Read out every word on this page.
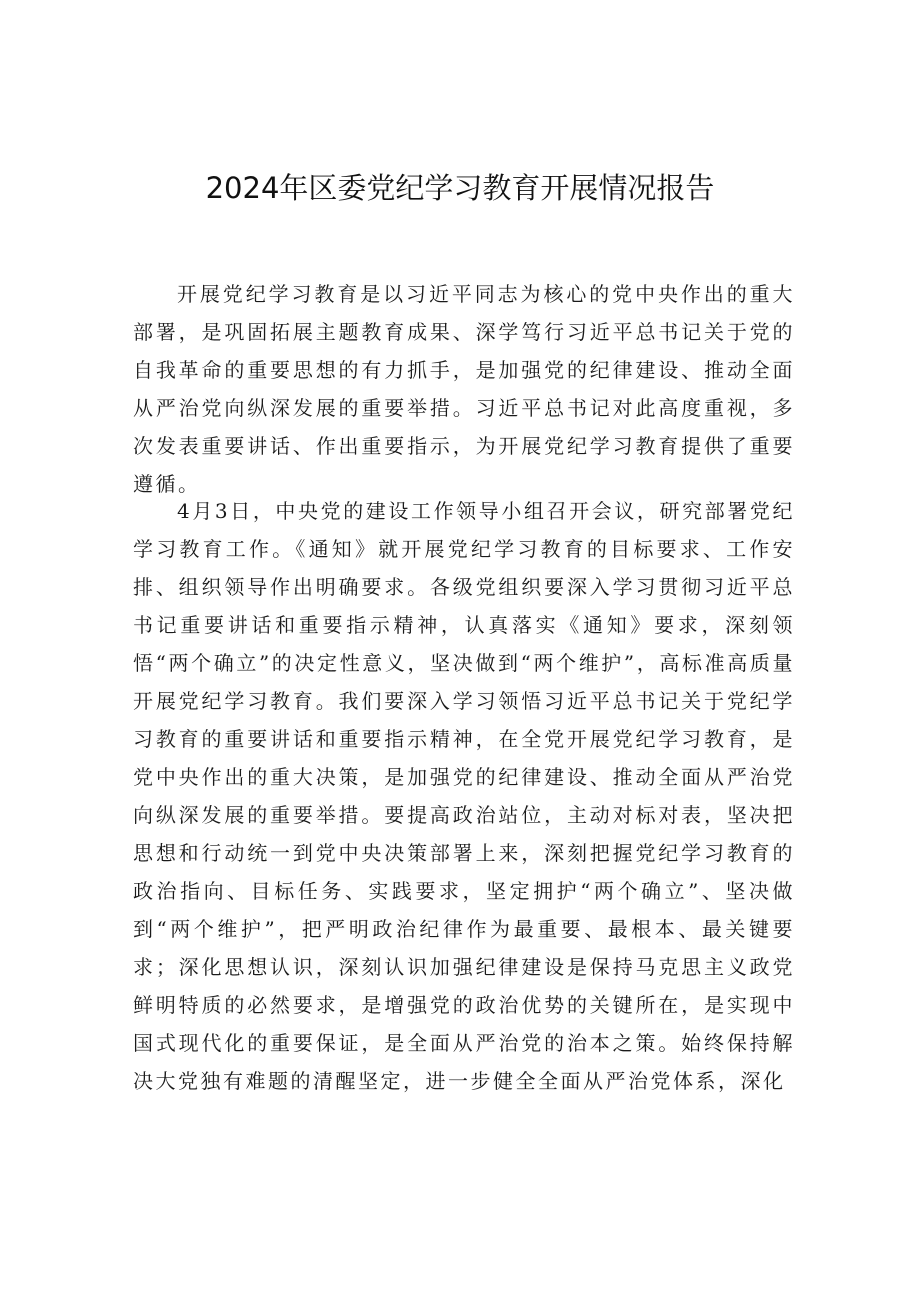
2024年区委党纪学习教育开展情况报告

开展党纪学习教育是以习近平同志为核心的党中央作出的重大部署，是巩固拓展主题教育成果、深学笃行习近平总书记关于党的自我革命的重要思想的有力抓手，是加强党的纪律建设、推动全面从严治党向纵深发展的重要举措。习近平总书记对此高度重视，多次发表重要讲话、作出重要指示，为开展党纪学习教育提供了重要遵循。

4月3日，中央党的建设工作领导小组召开会议，研究部署党纪学习教育工作。《通知》就开展党纪学习教育的目标要求、工作安排、组织领导作出明确要求。各级党组织要深入学习贯彻习近平总书记重要讲话和重要指示精神，认真落实《通知》要求，深刻领悟“两个确立”的决定性意义，坚决做到“两个维护”，高标准高质量开展党纪学习教育。我们要深入学习领悟习近平总书记关于党纪学习教育的重要讲话和重要指示精神，在全党开展党纪学习教育，是党中央作出的重大决策，是加强党的纪律建设、推动全面从严治党向纵深发展的重要举措。要提高政治站位，主动对标对表，坚决把思想和行动统一到党中央决策部署上来，深刻把握党纪学习教育的政治指向、目标任务、实践要求，坚定拥护“两个确立”、坚决做到“两个维护”，把严明政治纪律作为最重要、最根本、最关键要求；深化思想认识，深刻认识加强纪律建设是保持马克思主义政党鲜明特质的必然要求，是增强党的政治优势的关键所在，是实现中国式现代化的重要保证，是全面从严治党的治本之策。始终保持解决大党独有难题的清醒坚定，进一步健全全面从严治党体系，深化
